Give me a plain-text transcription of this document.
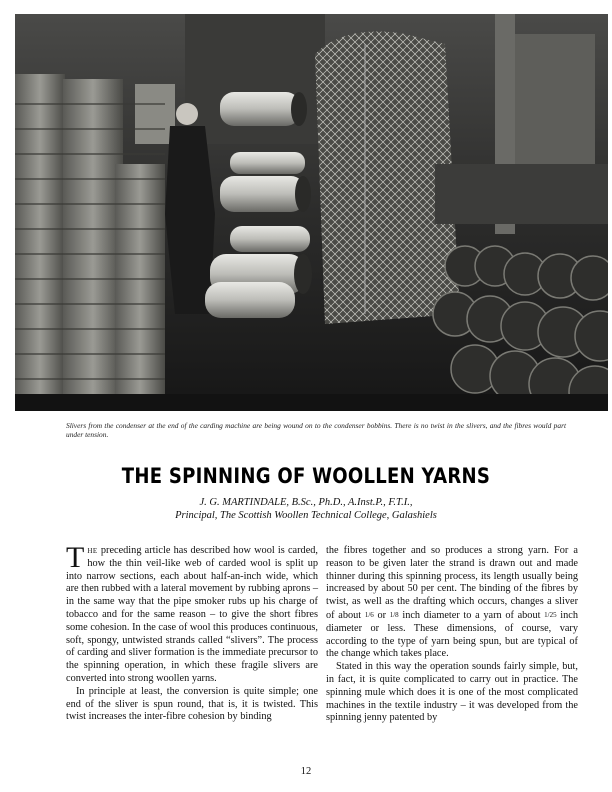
Slivers from the condenser at the end of the carding machine are being wound on to the condenser bobbins. There is no twist in the slivers, and the fibres would part under tension.
THE SPINNING OF WOOLLEN YARNS
J. G. MARTINDALE, B.Sc., Ph.D., A.Inst.P., F.T.I.,
Principal, The Scottish Woollen Technical College, Galashiels

The preceding article has described how wool is carded, how the thin veil-like web of carded wool is split up into narrow sections, each about half-an-inch wide, which are then rubbed with a lateral movement by rubbing aprons – in the same way that the pipe smoker rubs up his charge of tobacco and for the same reason – to give the short fibres some cohesion. In the case of wool this produces continuous, soft, spongy, untwisted strands called “slivers”. The process of carding and sliver formation is the immediate precursor to the spinning operation, in which these fragile slivers are converted into strong woollen yarns.

In principle at least, the conversion is quite simple; one end of the sliver is spun round, that is, it is twisted. This twist increases the inter-fibre cohesion by binding

the fibres together and so produces a strong yarn. For a reason to be given later the strand is drawn out and made thinner during this spinning process, its length usually being increased by about 50 per cent. The binding of the fibres by twist, as well as the drafting which occurs, changes a sliver of about 1/6 or 1/8 inch diameter to a yarn of about 1/25 inch diameter or less. These dimensions, of course, vary according to the type of yarn being spun, but are typical of the change which takes place.

Stated in this way the operation sounds fairly simple, but, in fact, it is quite complicated to carry out in practice. The spinning mule which does it is one of the most complicated machines in the textile industry – it was developed from the spinning jenny patented by

12
